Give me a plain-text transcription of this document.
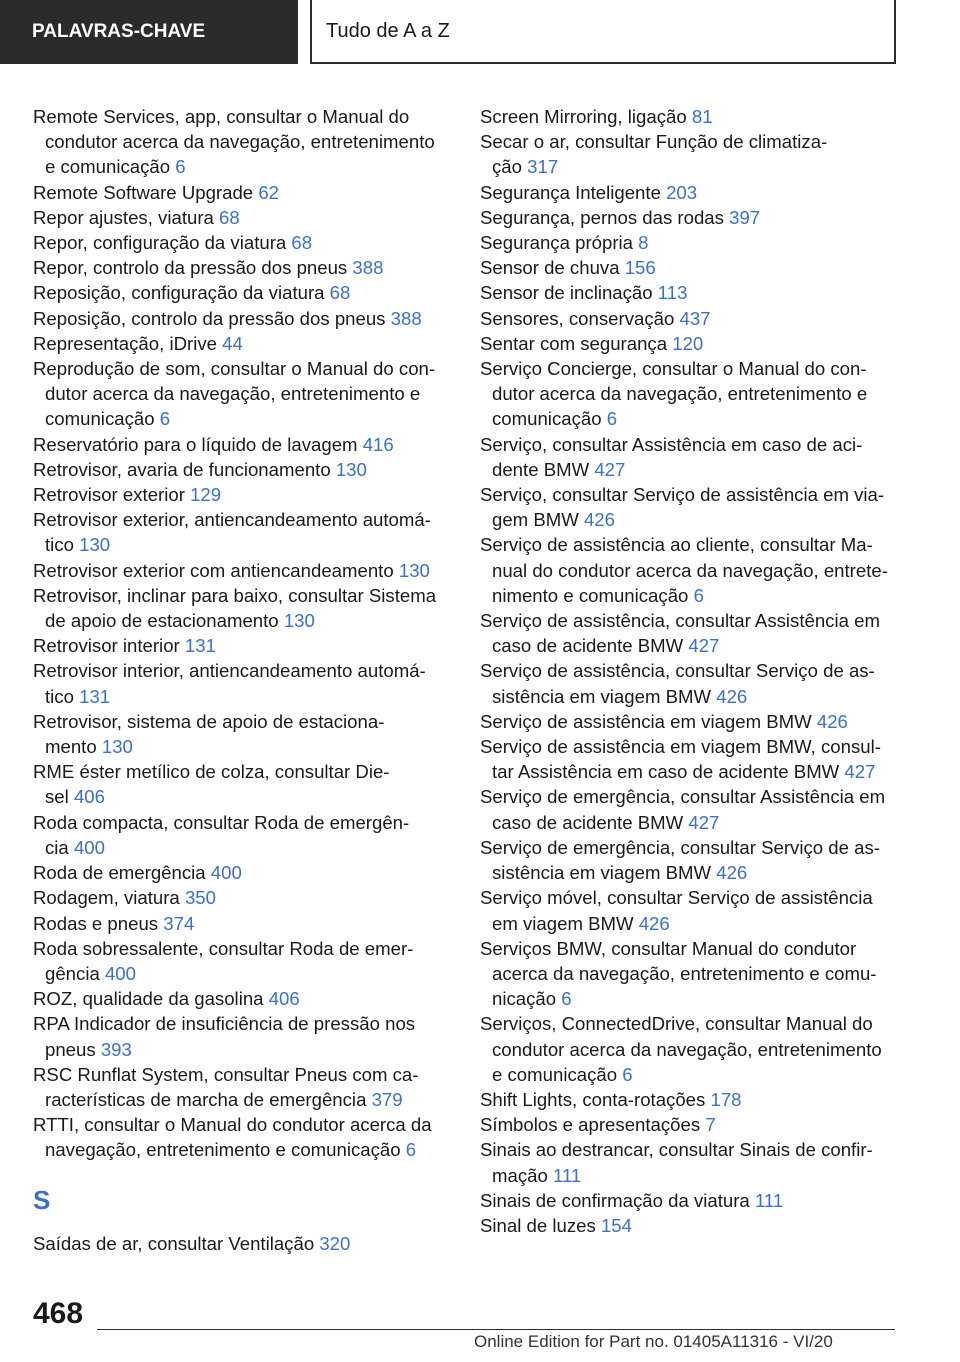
PALAVRAS-CHAVE	Tudo de A a Z
Remote Services, app, consultar o Manual do
condutor acerca da navegação, entretenimento
e comunicação 6
Remote Software Upgrade 62
Repor ajustes, viatura 68
Repor, configuração da viatura 68
Repor, controlo da pressão dos pneus 388
Reposição, configuração da viatura 68
Reposição, controlo da pressão dos pneus 388
Representação, iDrive 44
Reprodução de som, consultar o Manual do con-
dutor acerca da navegação, entretenimento e
comunicação 6
Reservatório para o líquido de lavagem 416
Retrovisor, avaria de funcionamento 130
Retrovisor exterior 129
Retrovisor exterior, antiencandeamento automá-
tico 130
Retrovisor exterior com antiencandeamento 130
Retrovisor, inclinar para baixo, consultar Sistema
de apoio de estacionamento 130
Retrovisor interior 131
Retrovisor interior, antiencandeamento automá-
tico 131
Retrovisor, sistema de apoio de estaciona-
mento 130
RME éster metílico de colza, consultar Die-
sel 406
Roda compacta, consultar Roda de emergên-
cia 400
Roda de emergência 400
Rodagem, viatura 350
Rodas e pneus 374
Roda sobressalente, consultar Roda de emer-
gência 400
ROZ, qualidade da gasolina 406
RPA Indicador de insuficiência de pressão nos
pneus 393
RSC Runflat System, consultar Pneus com ca-
racterísticas de marcha de emergência 379
RTTI, consultar o Manual do condutor acerca da
navegação, entretenimento e comunicação 6
S
Saídas de ar, consultar Ventilação 320
Screen Mirroring, ligação 81
Secar o ar, consultar Função de climatiza-
ção 317
Segurança Inteligente 203
Segurança, pernos das rodas 397
Segurança própria 8
Sensor de chuva 156
Sensor de inclinação 113
Sensores, conservação 437
Sentar com segurança 120
Serviço Concierge, consultar o Manual do con-
dutor acerca da navegação, entretenimento e
comunicação 6
Serviço, consultar Assistência em caso de aci-
dente BMW 427
Serviço, consultar Serviço de assistência em via-
gem BMW 426
Serviço de assistência ao cliente, consultar Ma-
nual do condutor acerca da navegação, entrete-
nimento e comunicação 6
Serviço de assistência, consultar Assistência em
caso de acidente BMW 427
Serviço de assistência, consultar Serviço de as-
sistência em viagem BMW 426
Serviço de assistência em viagem BMW 426
Serviço de assistência em viagem BMW, consul-
tar Assistência em caso de acidente BMW 427
Serviço de emergência, consultar Assistência em
caso de acidente BMW 427
Serviço de emergência, consultar Serviço de as-
sistência em viagem BMW 426
Serviço móvel, consultar Serviço de assistência
em viagem BMW 426
Serviços BMW, consultar Manual do condutor
acerca da navegação, entretenimento e comu-
nicação 6
Serviços, ConnectedDrive, consultar Manual do
condutor acerca da navegação, entretenimento
e comunicação 6
Shift Lights, conta-rotações 178
Símbolos e apresentações 7
Sinais ao destrancar, consultar Sinais de confir-
mação 111
Sinais de confirmação da viatura 111
Sinal de luzes 154
468
Online Edition for Part no. 01405A11316 - VI/20
